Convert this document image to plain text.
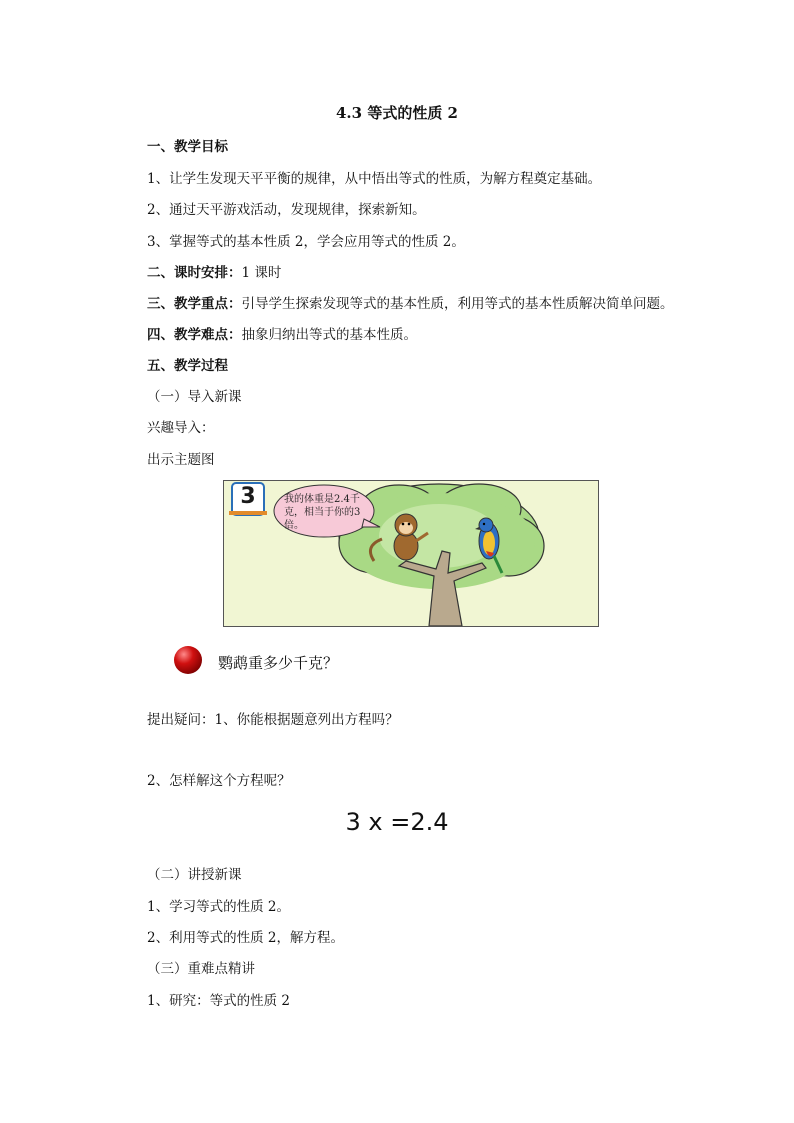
4.3 等式的性质 2
一、教学目标
1、让学生发现天平平衡的规律，从中悟出等式的性质，为解方程奠定基础。
2、通过天平游戏活动，发现规律，探索新知。
3、掌握等式的基本性质 2，学会应用等式的性质 2。
二、课时安排：1 课时
三、教学重点：引导学生探索发现等式的基本性质，利用等式的基本性质解决简单问题。
四、教学难点：抽象归纳出等式的基本性质。
五、教学过程
（一）导入新课
兴趣导入：
出示主题图
3	我的体重是2.4千克，相当于你的3倍。
鹦鹉重多少千克？
提出疑问：1、你能根据题意列出方程吗？
2、怎样解这个方程呢？
3 x =2.4
（二）讲授新课
1、学习等式的性质 2。
2、利用等式的性质 2，解方程。
（三）重难点精讲
1、研究：等式的性质 2
